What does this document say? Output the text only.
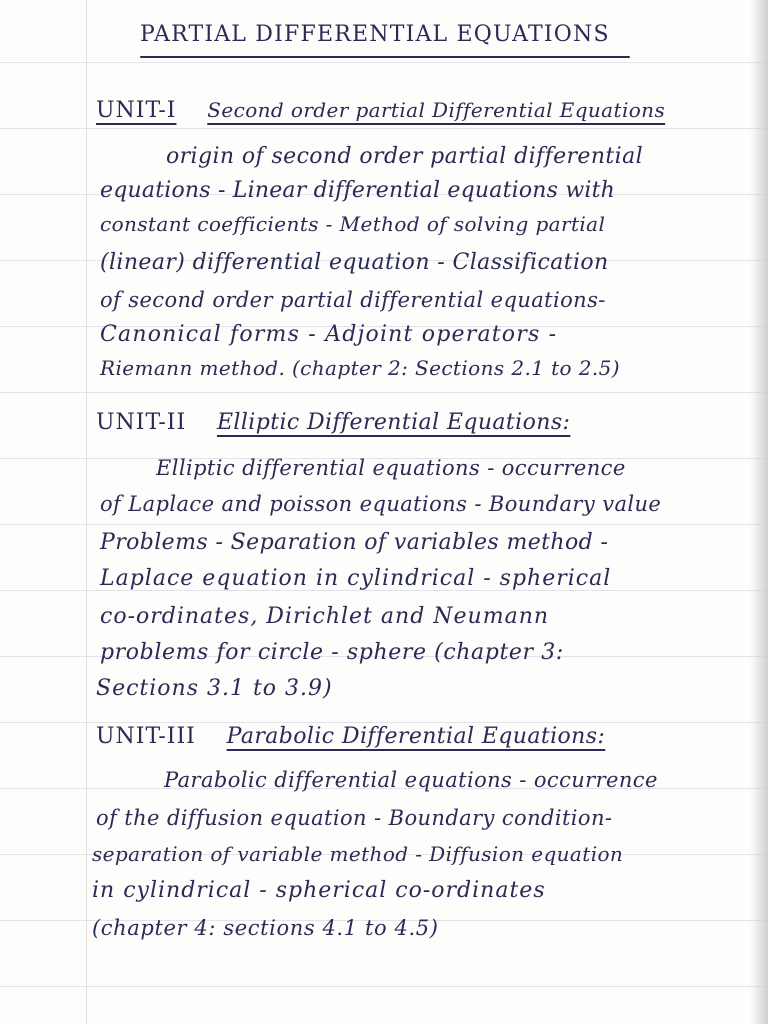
PARTIAL DIFFERENTIAL EQUATIONS
UNIT-I Second order partial Differential Equations
origin of second order partial differential
equations - Linear differential equations with
constant coefficients - Method of solving partial
(linear) differential equation - Classification
of second order partial differential equations-
Canonical forms - Adjoint operators -
Riemann method. (chapter 2: Sections 2.1 to 2.5)
UNIT-II Elliptic Differential Equations:
Elliptic differential equations - occurrence
of Laplace and poisson equations - Boundary value
Problems - Separation of variables method -
Laplace equation in cylindrical - spherical
co-ordinates, Dirichlet and Neumann
problems for circle - sphere (chapter 3:
Sections 3.1 to 3.9)
UNIT-III Parabolic Differential Equations:
Parabolic differential equations - occurrence
of the diffusion equation - Boundary condition-
separation of variable method - Diffusion equation
in cylindrical - spherical co-ordinates
(chapter 4: sections 4.1 to 4.5)
